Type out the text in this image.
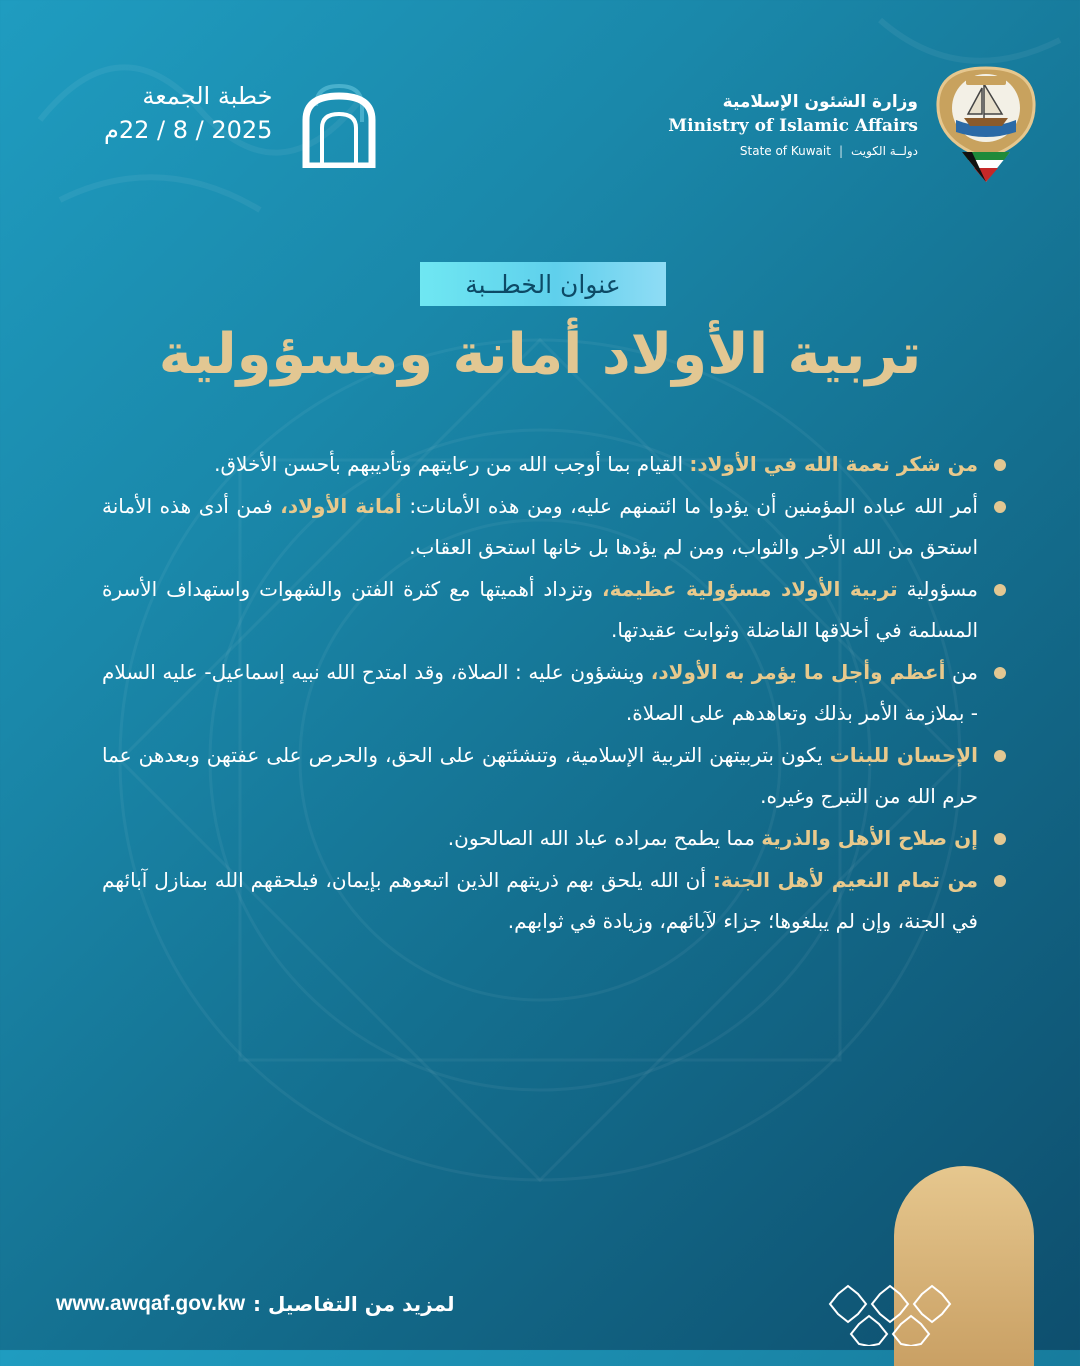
وزارة الشئون الإسلامية
Ministry of Islamic Affairs
State of Kuwait | دولــة الكويت
خطبة الجمعة
2025 / 8 / 22م
عنوان الخطــبة
تربية الأولاد أمانة ومسؤولية
من شكر نعمة الله في الأولاد: القيام بما أوجب الله من رعايتهم وتأديبهم بأحسن الأخلاق.
أمر الله عباده المؤمنين أن يؤدوا ما ائتمنهم عليه، ومن هذه الأمانات: أمانة الأولاد، فمن أدى هذه الأمانة استحق من الله الأجر والثواب، ومن لم يؤدها بل خانها استحق العقاب.
مسؤولية تربية الأولاد مسؤولية عظيمة، وتزداد أهميتها مع كثرة الفتن والشهوات واستهداف الأسرة المسلمة في أخلاقها الفاضلة وثوابت عقيدتها.
من أعظم وأجل ما يؤمر به الأولاد، وينشؤون عليه : الصلاة، وقد امتدح الله نبيه إسماعيل- عليه السلام - بملازمة الأمر بذلك وتعاهدهم على الصلاة.
الإحسان للبنات يكون بتربيتهن التربية الإسلامية، وتنشئتهن على الحق، والحرص على عفتهن وبعدهن عما حرم الله من التبرج وغيره.
إن صلاح الأهل والذرية مما يطمح بمراده عباد الله الصالحون.
من تمام النعيم لأهل الجنة: أن الله يلحق بهم ذريتهم الذين اتبعوهم بإيمان، فيلحقهم الله بمنازل آبائهم في الجنة، وإن لم يبلغوها؛ جزاء لآبائهم، وزيادة في ثوابهم.
www.awqaf.gov.kw لمزيد من التفاصيل :
